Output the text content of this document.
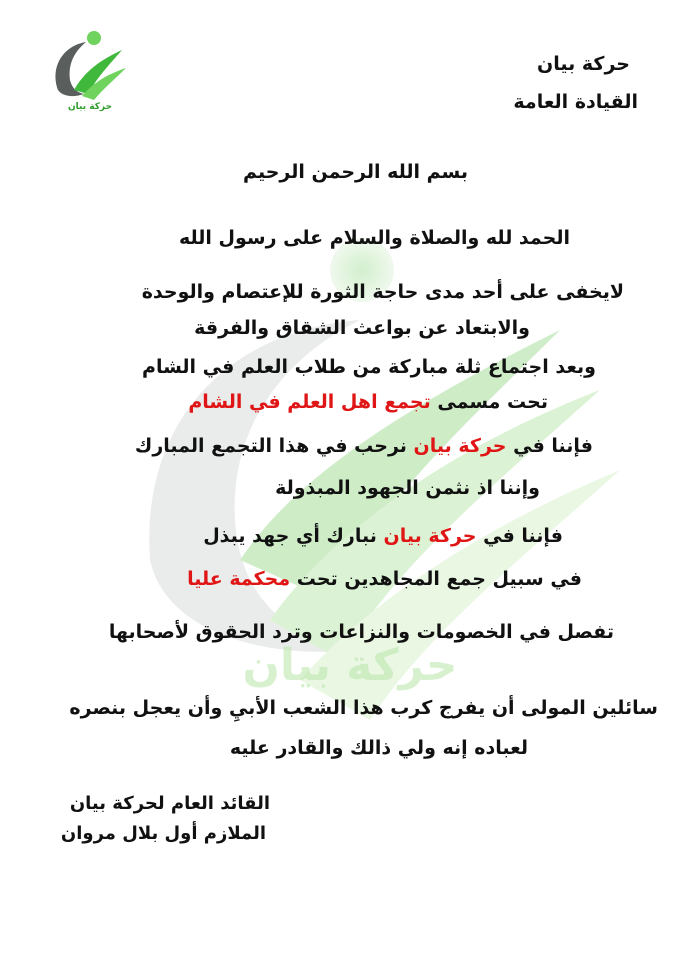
حركة بيان
حركة بيان
حركة بيان
القيادة العامة
بسم الله الرحمن الرحيم
الحمد لله والصلاة والسلام على رسول الله
لايخفى على أحد مدى حاجة الثورة للإعتصام والوحدة
والابتعاد عن بواعث الشقاق والفرقة
وبعد اجتماع ثلة مباركة من طلاب العلم في الشام
تحت مسمى تجمع اهل العلم في الشام
فإننا في حركة بيان نرحب في هذا التجمع المبارك
وإننا اذ نثمن الجهود المبذولة
فإننا في حركة بيان نبارك أي جهد يبذل
في سبيل جمع المجاهدين تحت محكمة عليا
تفصل في الخصومات والنزاعات وترد الحقوق لأصحابها
سائلين المولى أن يفرج كرب هذا الشعب الأبيِ وأن يعجل بنصره
لعباده إنه ولي ذالك والقادر عليه
القائد العام لحركة بيان
الملازم أول بلال مروان
